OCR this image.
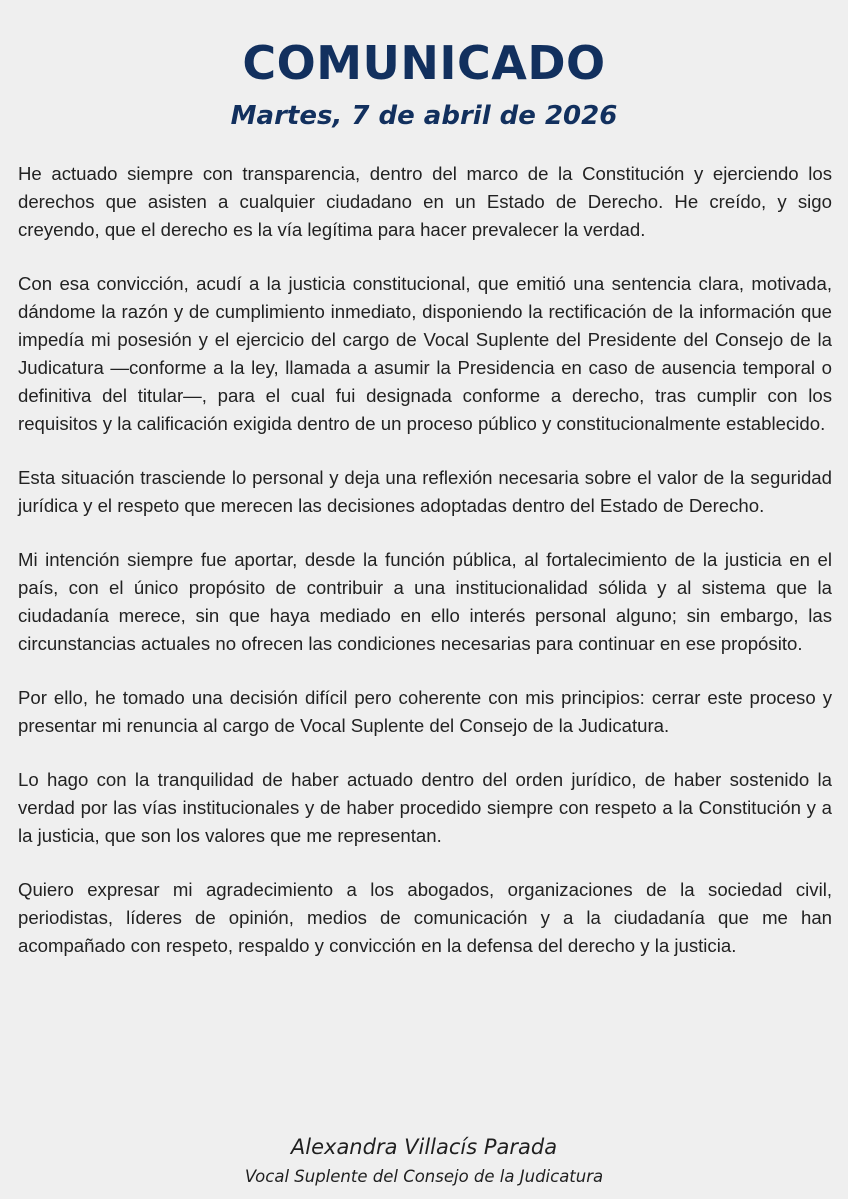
COMUNICADO
Martes, 7 de abril de 2026

He actuado siempre con transparencia, dentro del marco de la Constitución y ejerciendo los derechos que asisten a cualquier ciudadano en un Estado de Derecho. He creído, y sigo creyendo, que el derecho es la vía legítima para hacer prevalecer la verdad.

Con esa convicción, acudí a la justicia constitucional, que emitió una sentencia clara, motivada, dándome la razón y de cumplimiento inmediato, disponiendo la rectificación de la información que impedía mi posesión y el ejercicio del cargo de Vocal Suplente del Presidente del Consejo de la Judicatura —conforme a la ley, llamada a asumir la Presidencia en caso de ausencia temporal o definitiva del titular—, para el cual fui designada conforme a derecho, tras cumplir con los requisitos y la calificación exigida dentro de un proceso público y constitucionalmente establecido.

Esta situación trasciende lo personal y deja una reflexión necesaria sobre el valor de la seguridad jurídica y el respeto que merecen las decisiones adoptadas dentro del Estado de Derecho.

Mi intención siempre fue aportar, desde la función pública, al fortalecimiento de la justicia en el país, con el único propósito de contribuir a una institucionalidad sólida y al sistema que la ciudadanía merece, sin que haya mediado en ello interés personal alguno; sin embargo, las circunstancias actuales no ofrecen las condiciones necesarias para continuar en ese propósito.

Por ello, he tomado una decisión difícil pero coherente con mis principios: cerrar este proceso y presentar mi renuncia al cargo de Vocal Suplente del Consejo de la Judicatura.

Lo hago con la tranquilidad de haber actuado dentro del orden jurídico, de haber sostenido la verdad por las vías institucionales y de haber procedido siempre con respeto a la Constitución y a la justicia, que son los valores que me representan.

Quiero expresar mi agradecimiento a los abogados, organizaciones de la sociedad civil, periodistas, líderes de opinión, medios de comunicación y a la ciudadanía que me han acompañado con respeto, respaldo y convicción en la defensa del derecho y la justicia.

Alexandra Villacís Parada

Vocal Suplente del Consejo de la Judicatura
